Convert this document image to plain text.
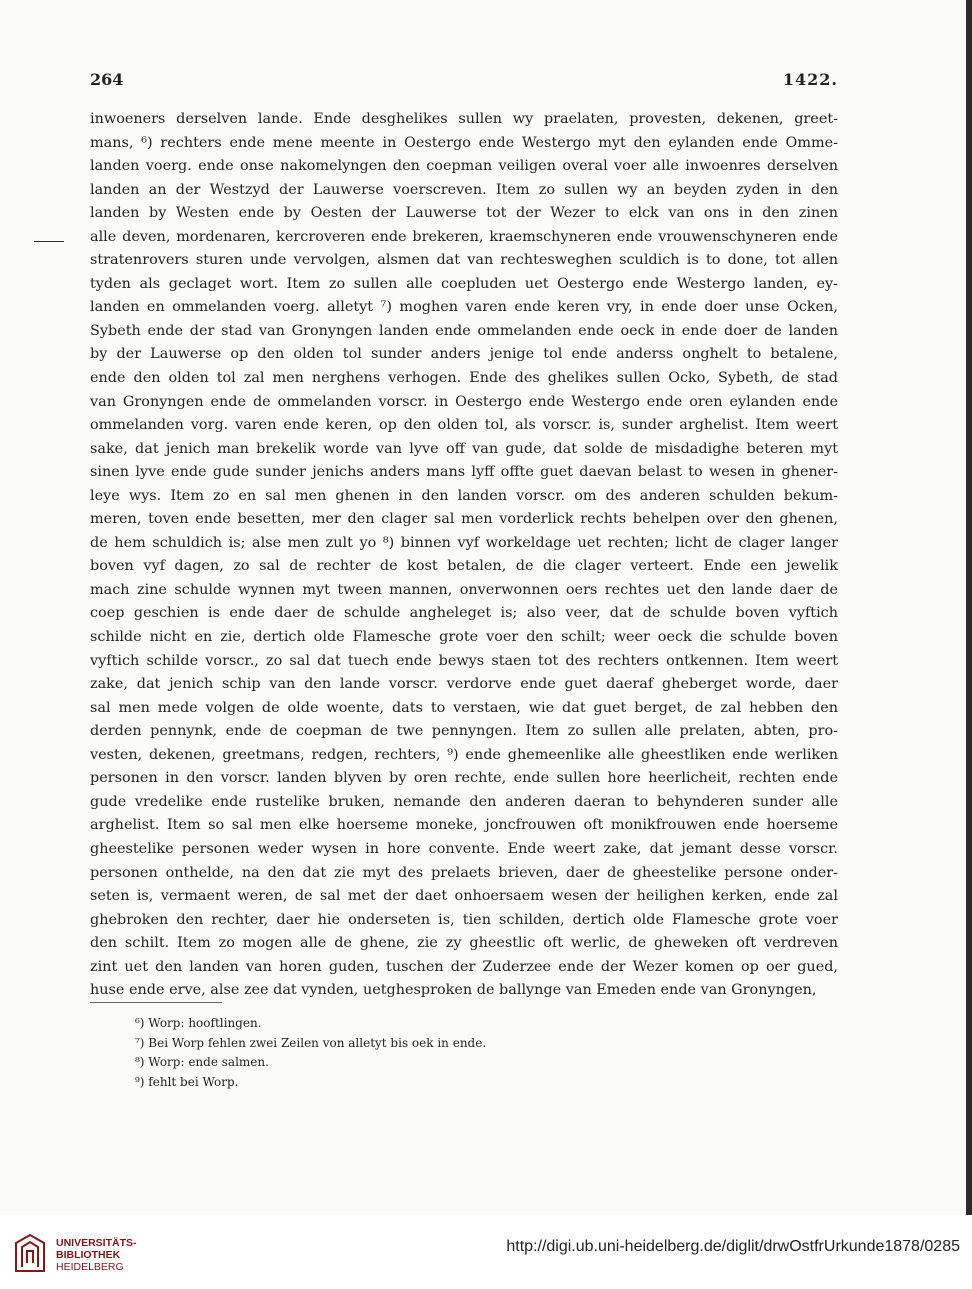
264	1422.
inwoeners derselven lande. Ende desghelikes sullen wy praelaten, provesten, dekenen, greet-
mans, ⁶) rechters ende mene meente in Oestergo ende Westergo myt den eylanden ende Omme-
landen voerg. ende onse nakomelyngen den coepman veiligen overal voer alle inwoenres derselven
landen an der Westzyd der Lauwerse voerscreven. Item zo sullen wy an beyden zyden in den
landen by Westen ende by Oesten der Lauwerse tot der Wezer to elck van ons in den zinen
alle deven, mordenaren, kercroveren ende brekeren, kraemschyneren ende vrouwenschyneren ende
stratenrovers sturen unde vervolgen, alsmen dat van rechtesweghen sculdich is to done, tot allen
tyden als geclaget wort. Item zo sullen alle coepluden uet Oestergo ende Westergo landen, ey-
landen en ommelanden voerg. alletyt ⁷) moghen varen ende keren vry, in ende doer unse Ocken,
Sybeth ende der stad van Gronyngen landen ende ommelanden ende oeck in ende doer de landen
by der Lauwerse op den olden tol sunder anders jenige tol ende anderss onghelt to betalene,
ende den olden tol zal men nerghens verhogen. Ende des ghelikes sullen Ocko, Sybeth, de stad
van Gronyngen ende de ommelanden vorscr. in Oestergo ende Westergo ende oren eylanden ende
ommelanden vorg. varen ende keren, op den olden tol, als vorscr. is, sunder arghelist. Item weert
sake, dat jenich man brekelik worde van lyve off van gude, dat solde de misdadighe beteren myt
sinen lyve ende gude sunder jenichs anders mans lyff offte guet daevan belast to wesen in ghener-
leye wys. Item zo en sal men ghenen in den landen vorscr. om des anderen schulden bekum-
meren, toven ende besetten, mer den clager sal men vorderlick rechts behelpen over den ghenen,
de hem schuldich is; alse men zult yo ⁸) binnen vyf workeldage uet rechten; licht de clager langer
boven vyf dagen, zo sal de rechter de kost betalen, de die clager verteert. Ende een jewelik
mach zine schulde wynnen myt tween mannen, onverwonnen oers rechtes uet den lande daer de
coep geschien is ende daer de schulde angheleget is; also veer, dat de schulde boven vyftich
schilde nicht en zie, dertich olde Flamesche grote voer den schilt; weer oeck die schulde boven
vyftich schilde vorscr., zo sal dat tuech ende bewys staen tot des rechters ontkennen. Item weert
zake, dat jenich schip van den lande vorscr. verdorve ende guet daeraf gheberget worde, daer
sal men mede volgen de olde woente, dats to verstaen, wie dat guet berget, de zal hebben den
derden pennynk, ende de coepman de twe pennyngen. Item zo sullen alle prelaten, abten, pro-
vesten, dekenen, greetmans, redgen, rechters, ⁹) ende ghemeenlike alle gheestliken ende werliken
personen in den vorscr. landen blyven by oren rechte, ende sullen hore heerlicheit, rechten ende
gude vredelike ende rustelike bruken, nemande den anderen daeran to behynderen sunder alle
arghelist. Item so sal men elke hoerseme moneke, joncfrouwen oft monikfrouwen ende hoerseme
gheestelike personen weder wysen in hore convente. Ende weert zake, dat jemant desse vorscr.
personen onthelde, na den dat zie myt des prelaets brieven, daer de gheestelike persone onder-
seten is, vermaent weren, de sal met der daet onhoersaem wesen der heilighen kerken, ende zal
ghebroken den rechter, daer hie onderseten is, tien schilden, dertich olde Flamesche grote voer
den schilt. Item zo mogen alle de ghene, zie zy gheestlic oft werlic, de gheweken oft verdreven
zint uet den landen van horen guden, tuschen der Zuderzee ende der Wezer komen op oer gued,
huse ende erve, alse zee dat vynden, uetghesproken de ballynge van Emeden ende van Gronyngen,
⁶) Worp: hooftlingen.
⁷) Bei Worp fehlen zwei Zeilen von alletyt bis oek in ende.
⁸) Worp: ende salmen.
⁹) fehlt bei Worp.
UNIVERSITÄTS-
BIBLIOTHEK
HEIDELBERG
http://digi.ub.uni-heidelberg.de/diglit/drwOstfrUrkunde1878/0285
